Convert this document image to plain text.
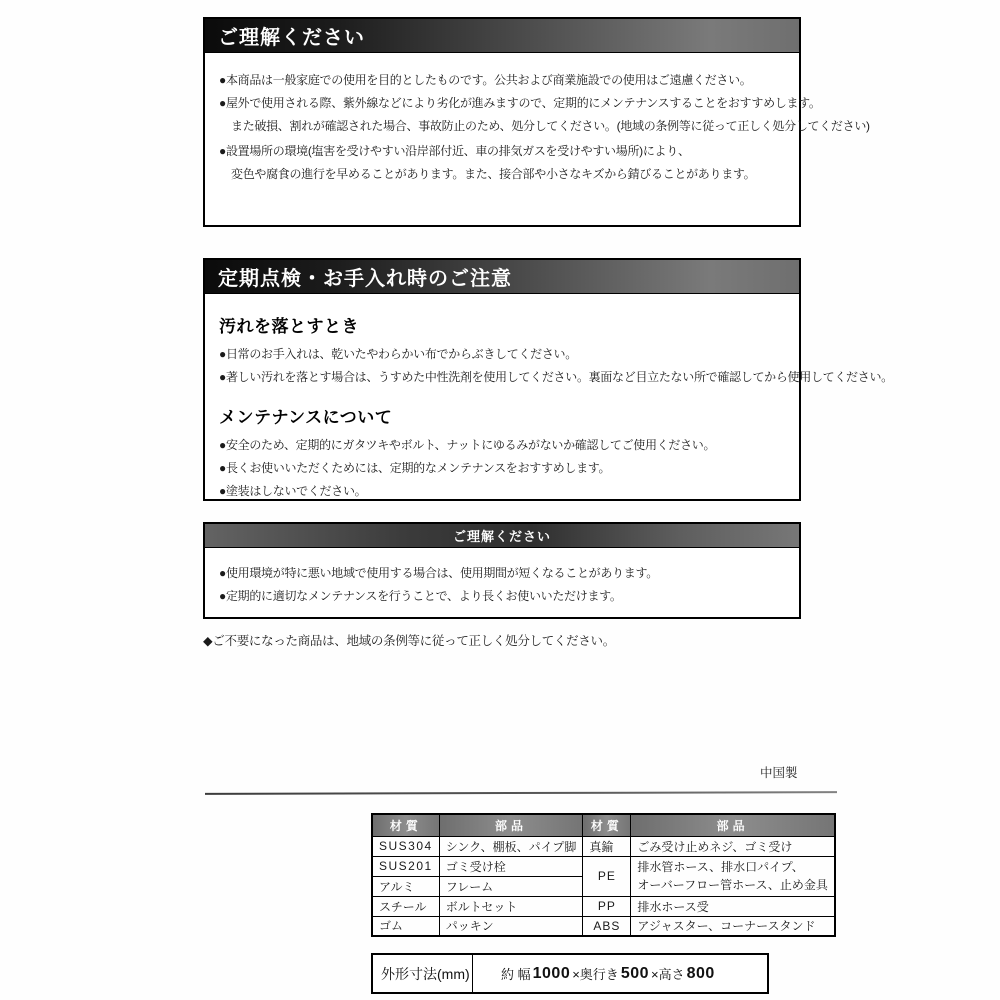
ご理解ください
●本商品は一般家庭での使用を目的としたものです。公共および商業施設での使用はご遠慮ください。
●屋外で使用される際、紫外線などにより劣化が進みますので、定期的にメンテナンスすることをおすすめします。
また破損、割れが確認された場合、事故防止のため、処分してください。(地域の条例等に従って正しく処分してください)
●設置場所の環境(塩害を受けやすい沿岸部付近、車の排気ガスを受けやすい場所)により、
変色や腐食の進行を早めることがあります。また、接合部や小さなキズから錆びることがあります。
定期点検・お手入れ時のご注意
汚れを落とすとき
●日常のお手入れは、乾いたやわらかい布でからぶきしてください。
●著しい汚れを落とす場合は、うすめた中性洗剤を使用してください。裏面など目立たない所で確認してから使用してください。
メンテナンスについて
●安全のため、定期的にガタツキやボルト、ナットにゆるみがないか確認してご使用ください。
●長くお使いいただくためには、定期的なメンテナンスをおすすめします。
●塗装はしないでください。
ご理解ください
●使用環境が特に悪い地域で使用する場合は、使用期間が短くなることがあります。
●定期的に適切なメンテナンスを行うことで、より長くお使いいただけます。
◆ご不要になった商品は、地域の条例等に従って正しく処分してください。
中国製
材質	部品	材質	部品
SUS304	シンク、棚板、パイプ脚	真鍮	ごみ受け止めネジ、ゴミ受け
SUS201	ゴミ受け栓	PE	排水管ホース、排水口パイプ、
オーバーフロー管ホース、止め金具

アルミ	フレーム		
スチール	ボルトセット	PP	排水ホース受
ゴム	パッキン	ABS	アジャスター、コーナースタンド
外形寸法(mm) 約 幅 1000 ×奥行き 500 ×高さ 800
